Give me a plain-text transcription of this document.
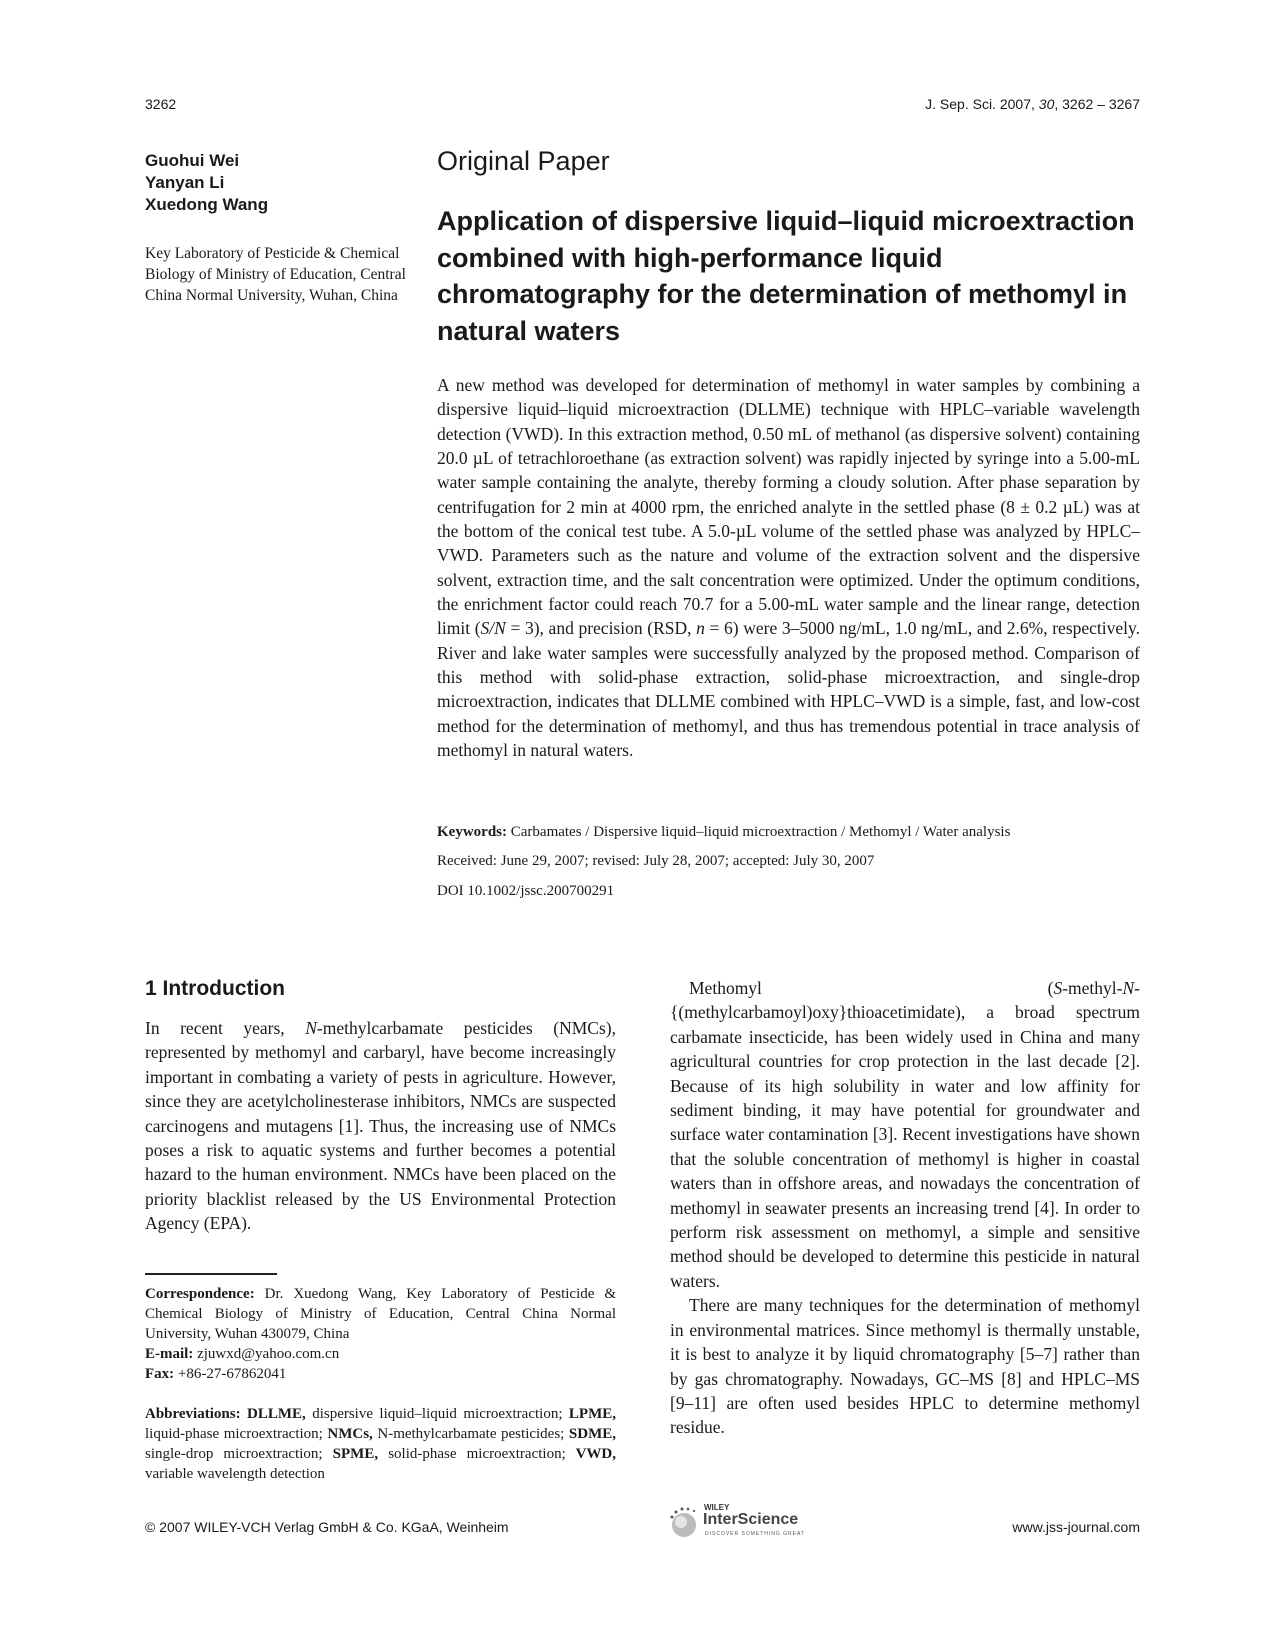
3262	J. Sep. Sci. 2007, 30, 3262 – 3267
Guohui Wei
Yanyan Li
Xuedong Wang
Key Laboratory of Pesticide & Chemical Biology of Ministry of Education, Central China Normal University, Wuhan, China
Original Paper
Application of dispersive liquid–liquid microextraction combined with high-performance liquid chromatography for the determination of methomyl in natural waters
A new method was developed for determination of methomyl in water samples by combining a dispersive liquid–liquid microextraction (DLLME) technique with HPLC–variable wavelength detection (VWD). In this extraction method, 0.50 mL of methanol (as dispersive solvent) containing 20.0 µL of tetrachloroethane (as extraction solvent) was rapidly injected by syringe into a 5.00-mL water sample containing the analyte, thereby forming a cloudy solution. After phase separation by centrifugation for 2 min at 4000 rpm, the enriched analyte in the settled phase (8 ± 0.2 µL) was at the bottom of the conical test tube. A 5.0-µL volume of the settled phase was analyzed by HPLC–VWD. Parameters such as the nature and volume of the extraction solvent and the dispersive solvent, extraction time, and the salt concentration were optimized. Under the optimum conditions, the enrichment factor could reach 70.7 for a 5.00-mL water sample and the linear range, detection limit (S/N = 3), and precision (RSD, n = 6) were 3–5000 ng/mL, 1.0 ng/mL, and 2.6%, respectively. River and lake water samples were successfully analyzed by the proposed method. Comparison of this method with solid-phase extraction, solid-phase microextraction, and single-drop microextraction, indicates that DLLME combined with HPLC–VWD is a simple, fast, and low-cost method for the determination of methomyl, and thus has tremendous potential in trace analysis of methomyl in natural waters.
Keywords: Carbamates / Dispersive liquid–liquid microextraction / Methomyl / Water analysis
Received: June 29, 2007; revised: July 28, 2007; accepted: July 30, 2007
DOI 10.1002/jssc.200700291
1 Introduction
In recent years, N-methylcarbamate pesticides (NMCs), represented by methomyl and carbaryl, have become increasingly important in combating a variety of pests in agriculture. However, since they are acetylcholinesterase inhibitors, NMCs are suspected carcinogens and mutagens [1]. Thus, the increasing use of NMCs poses a risk to aquatic systems and further becomes a potential hazard to the human environment. NMCs have been placed on the priority blacklist released by the US Environmental Protection Agency (EPA).
Correspondence: Dr. Xuedong Wang, Key Laboratory of Pesticide & Chemical Biology of Ministry of Education, Central China Normal University, Wuhan 430079, China
E-mail: zjuwxd@yahoo.com.cn
Fax: +86-27-67862041
Abbreviations: DLLME, dispersive liquid–liquid microextraction; LPME, liquid-phase microextraction; NMCs, N-methylcarbamate pesticides; SDME, single-drop microextraction; SPME, solid-phase microextraction; VWD, variable wavelength detection

Methomyl (S-methyl-N-{(methylcarbamoyl)oxy}thioacetimidate), a broad spectrum carbamate insecticide, has been widely used in China and many agricultural countries for crop protection in the last decade [2]. Because of its high solubility in water and low affinity for sediment binding, it may have potential for groundwater and surface water contamination [3]. Recent investigations have shown that the soluble concentration of methomyl is higher in coastal waters than in offshore areas, and nowadays the concentration of methomyl in seawater presents an increasing trend [4]. In order to perform risk assessment on methomyl, a simple and sensitive method should be developed to determine this pesticide in natural waters.

There are many techniques for the determination of methomyl in environmental matrices. Since methomyl is thermally unstable, it is best to analyze it by liquid chromatography [5–7] rather than by gas chromatography. Nowadays, GC–MS [8] and HPLC–MS [9–11] are often used besides HPLC to determine methomyl residue.

© 2007 WILEY-VCH Verlag GmbH & Co. KGaA, Weinheim
WILEY
InterScience
DISCOVER SOMETHING GREAT	www.jss-journal.com
